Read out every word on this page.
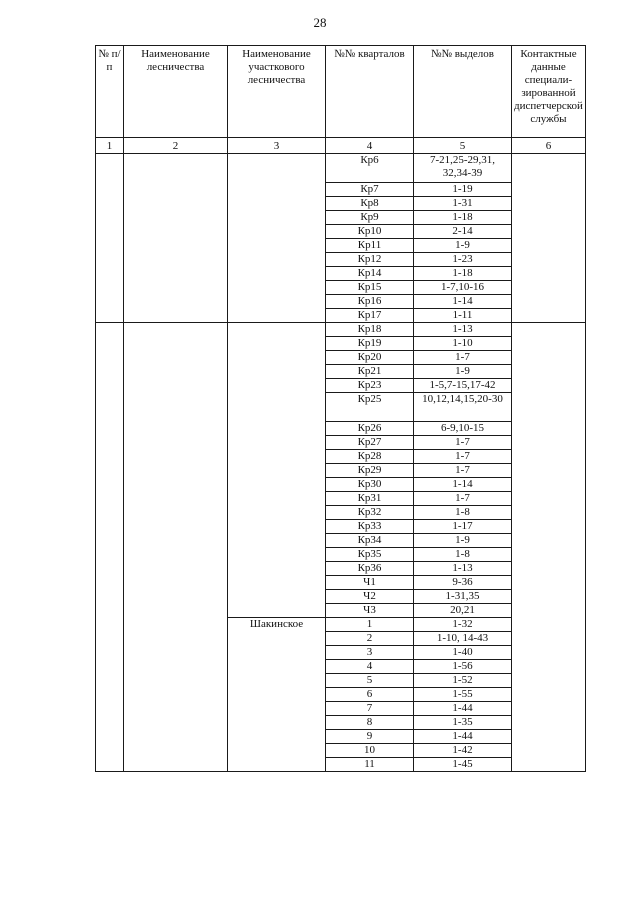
28
№ п/п	Наименование лесничества	Наименование участкового лесничества	№№ кварталов	№№ выделов	Контактные данные специали-зированной диспетчерской службы
1	2	3	4	5	6
			Кр6	7-21,25-29,31, 32,34-39	
			Кр7	1-19	
			Кр8	1-31	
			Кр9	1-18	
			Кр10	2-14	
			Кр11	1-9	
			Кр12	1-23	
			Кр14	1-18	
			Кр15	1-7,10-16	
			Кр16	1-14	
			Кр17	1-11	
			Кр18	1-13	
			Кр19	1-10	
			Кр20	1-7	
			Кр21	1-9	
			Кр23	1-5,7-15,17-42	
			Кр25	10,12,14,15,20-30	
			Кр26	6-9,10-15	
			Кр27	1-7	
			Кр28	1-7	
			Кр29	1-7	
			Кр30	1-14	
			Кр31	1-7	
			Кр32	1-8	
			Кр33	1-17	
			Кр34	1-9	
			Кр35	1-8	
			Кр36	1-13	
			Ч1	9-36	
			Ч2	1-31,35	
			Ч3	20,21	
		Шакинское	1	1-32	
			2	1-10, 14-43	
			3	1-40	
			4	1-56	
			5	1-52	
			6	1-55	
			7	1-44	
			8	1-35	
			9	1-44	
			10	1-42	
			11	1-45	
